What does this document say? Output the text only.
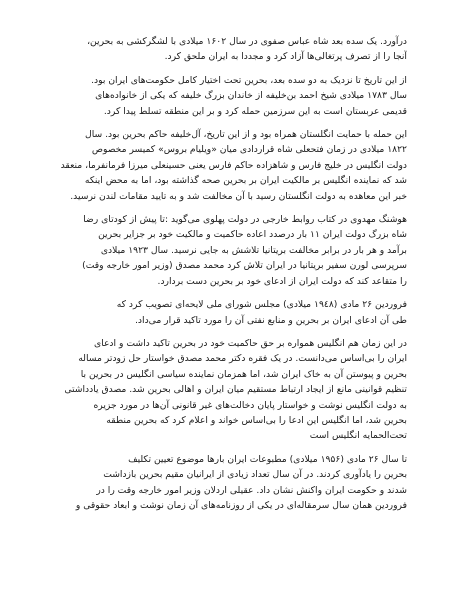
درآورد. یک سده بعد شاه عباس صفوی در سال ۱۶۰۲ میلادی با لشگرکشی به بحرین،
آنجا را از تصرف پرتغالی‌ها آزاد کرد و مجددا به ایران ملحق کرد.

از این تاریخ تا نزدیک به دو سده بعد، بحرین تحت اختیار کامل حکومت‌های ایران بود.
سال ۱۷۸۳ میلادی شیخ احمد بن‌خلیفه از خاندان بزرگ خلیفه که یکی از خانواده‌های
قدیمی عربستان است به این سرزمین حمله کرد و بر این منطقه تسلط پیدا کرد.

این حمله با حمایت انگلستان همراه بود و از این تاریخ، آل‌خلیفه حاکم بحرین بود. سال
۱۸۲۲ میلادی در زمان فتحعلی شاه قراردادی میان «ویلیام بروس» کمیسر مخصوص
دولت انگلیس در خلیج فارس و شاهزاده حاکم فارس یعنی حسینعلی میرزا فرمانفرما، منعقد
شد که نماینده انگلیس بر مالکیت ایران بر بحرین صحه گذاشته بود، اما به محض اینکه
خبر این معاهده به دولت انگلستان رسید با آن مخالفت شد و به تایید مقامات لندن نرسید.

هوشنگ مهدوی در کتاب روابط خارجی در دولت پهلوی می‌گوید :تا پیش از کودتای رضا
شاه بزرگ دولت ایران ۱۱ بار درصدد اعاده حاکمیت و مالکیت خود بر جزایر بحرین
برآمد و هر بار در برابر مخالفت بریتانیا تلاشش به جایی نرسید. سال ۱۹۲۳ میلادی
سرپرسی لورن سفیر بریتانیا در ایران تلاش کرد محمد مصدق (وزیر امور خارجه وقت)
را متقاعد کند که دولت ایران از ادعای خود بر بحرین دست بردارد.

فروردین ۲۶ مادی (۱۹٤۸ میلادی) مجلس شورای ملی لایحه‌ای تصویب کرد که
طی آن ادعای ایران بر بحرین و منابع نفتی آن را مورد تاکید قرار می‌داد.

در این زمان هم انگلیس همواره بر حق حاکمیت خود در بحرین تاکید داشت و ادعای
ایران را بی‌اساس می‌دانست. در یک فقره دکتر محمد مصدق خواستار حل زودتر مساله
بحرین و پیوستن آن به خاک ایران شد، اما همزمان نماینده سیاسی انگلیس در بحرین با
تنظیم قوانینی مانع از ایجاد ارتباط مستقیم میان ایران و اهالی بحرین شد. مصدق یادداشتی
به دولت انگلیس نوشت و خواستار پایان دخالت‌های غیر قانونی آن‌ها در مورد جزیره
بحرین شد، اما انگلیس این ادعا را بی‌اساس خواند و اعلام کرد که بحرین منطقه
تحت‌الحمایه انگلیس است

تا سال ۲۶ مادی (۱۹۵۶ میلادی) مطبوعات ایران بارها موضوع تعیین تکلیف
بحرین را یادآوری کردند. در آن سال تعداد زیادی از ایرانیان مقیم بحرین بازداشت
شدند و حکومت ایران واکنش نشان داد. عقیلی اردلان وزیر امور خارجه وقت را در
فروردین همان سال سرمقاله‌ای در یکی از روزنامه‌های آن زمان نوشت و ابعاد حقوقی و
